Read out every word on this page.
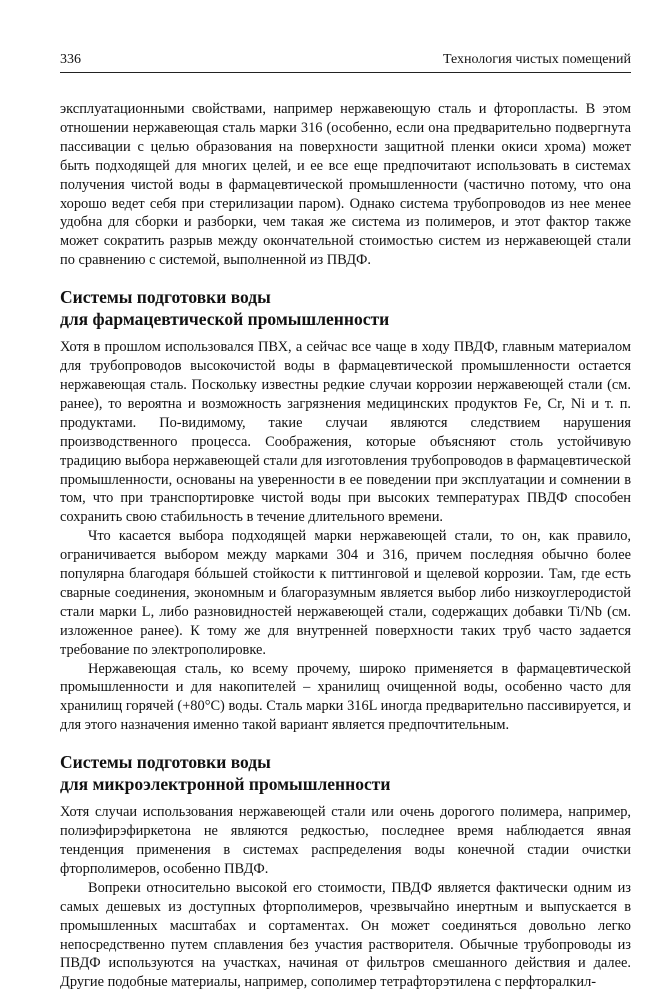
336	Технология чистых помещений

эксплуатационными свойствами, например нержавеющую сталь и фторопласты. В этом отношении нержавеющая сталь марки 316 (особенно, если она предварительно подвергнута пассивации с целью образования на поверхности защитной пленки окиси хрома) может быть подходящей для многих целей, и ее все еще предпочитают использовать в системах получения чистой воды в фармацевтической промышленности (частично потому, что она хорошо ведет себя при стерилизации паром). Однако система трубопроводов из нее менее удобна для сборки и разборки, чем такая же система из полимеров, и этот фактор также может сократить разрыв между окончательной стоимостью систем из нержавеющей стали по сравнению с системой, выполненной из ПВДФ.

Системы подготовки воды
для фармацевтической промышленности

Хотя в прошлом использовался ПВХ, а сейчас все чаще в ходу ПВДФ, главным материалом для трубопроводов высокочистой воды в фармацевтической промышленности остается нержавеющая сталь. Поскольку известны редкие случаи коррозии нержавеющей стали (см. ранее), то вероятна и возможность загрязнения медицинских продуктов Fe, Cr, Ni и т. п. продуктами. По-видимому, такие случаи являются следствием нарушения производственного процесса. Соображения, которые объясняют столь устойчивую традицию выбора нержавеющей стали для изготовления трубопроводов в фармацевтической промышленности, основаны на уверенности в ее поведении при эксплуатации и сомнении в том, что при транспортировке чистой воды при высоких температурах ПВДФ способен сохранить свою стабильность в течение длительного времени.

Что касается выбора подходящей марки нержавеющей стали, то он, как правило, ограничивается выбором между марками 304 и 316, причем последняя обычно более популярна благодаря бóльшей стойкости к питтинговой и щелевой коррозии. Там, где есть сварные соединения, экономным и благоразумным является выбор либо низкоуглеродистой стали марки L, либо разновидностей нержавеющей стали, содержащих добавки Ti/Nb (см. изложенное ранее). К тому же для внутренней поверхности таких труб часто задается требование по электрополировке.

Нержавеющая сталь, ко всему прочему, широко применяется в фармацевтической промышленности и для накопителей – хранилищ очищенной воды, особенно часто для хранилищ горячей (+80°С) воды. Сталь марки 316L иногда предварительно пассивируется, и для этого назначения именно такой вариант является предпочтительным.

Системы подготовки воды
для микроэлектронной промышленности

Хотя случаи использования нержавеющей стали или очень дорогого полимера, например, полиэфирэфиркетона не являются редкостью, последнее время наблюдается явная тенденция применения в системах распределения воды конечной стадии очистки фторполимеров, особенно ПВДФ.

Вопреки относительно высокой его стоимости, ПВДФ является фактически одним из самых дешевых из доступных фторполимеров, чрезвычайно инертным и выпускается в промышленных масштабах и сортаментах. Он может соединяться довольно легко непосредственно путем сплавления без участия растворителя. Обычные трубопроводы из ПВДФ используются на участках, начиная от фильтров смешанного действия и далее. Другие подобные материалы, например, сополимер тетрафторэтилена с перфторалкил-
